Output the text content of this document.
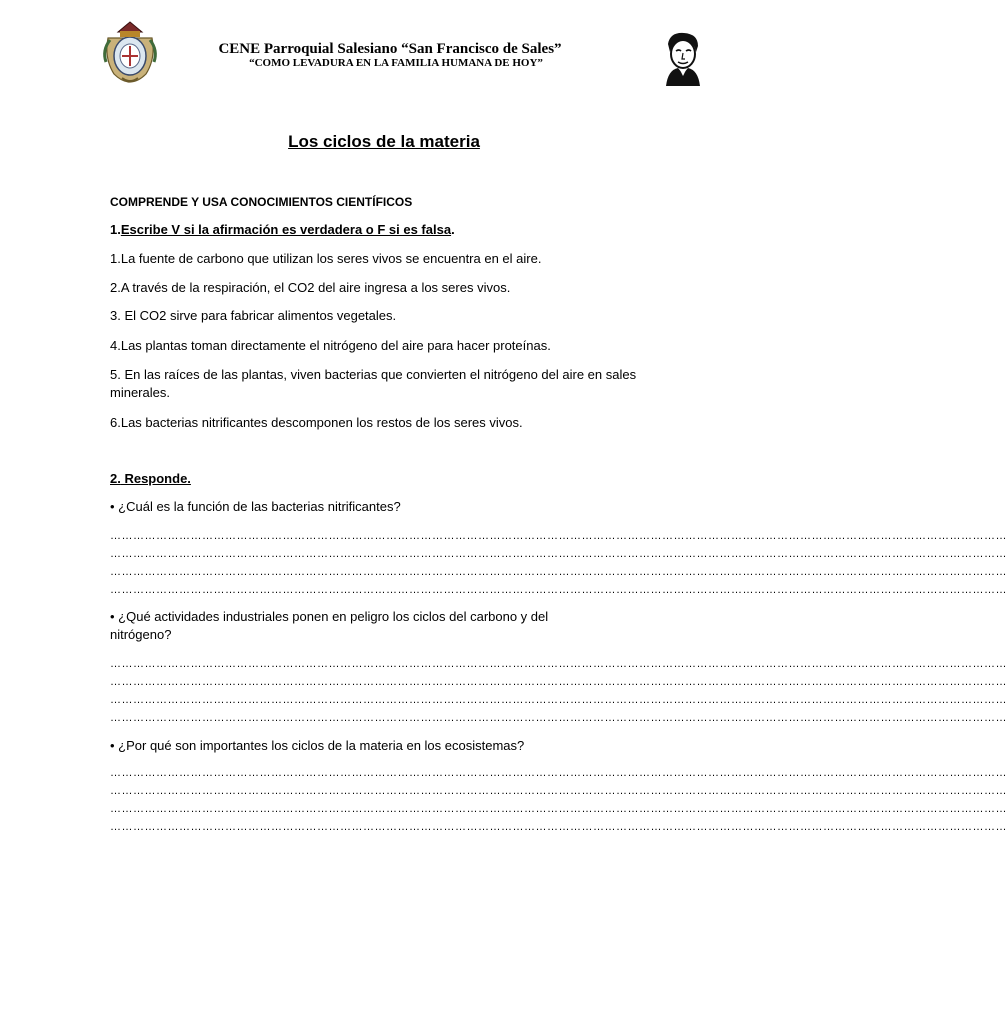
CENE Parroquial Salesiano “San Francisco de Sales”
“COMO LEVADURA EN LA FAMILIA HUMANA DE HOY”
Los ciclos de la materia
COMPRENDE Y USA CONOCIMIENTOS CIENTÍFICOS
1.Escribe V si la afirmación es verdadera o F si es falsa.
1.La fuente de carbono que utilizan los seres vivos se encuentra en el aire.
2.A través de la respiración, el CO2 del aire ingresa a los seres vivos.
3. El CO2 sirve para fabricar alimentos vegetales.
4.Las plantas toman directamente el nitrógeno del aire para hacer proteínas.
5. En las raíces de las plantas, viven bacterias que convierten el nitrógeno del aire en sales minerales.
6.Las bacterias nitrificantes descomponen los restos de los seres vivos.
2. Responde.
• ¿Cuál es la función de las bacterias nitrificantes?
………………………………………………………………………………………………………………………………………………………………………………………………………………
………………………………………………………………………………………………………………………………………………………………………………………………………………
………………………………………………………………………………………………………………………………………………………………………………………………………………
………………………………………………………………………………………………………………………………………………………………………………………………………………
• ¿Qué actividades industriales ponen en peligro los ciclos del carbono y del nitrógeno?
………………………………………………………………………………………………………………………………………………………………………………………………………………
………………………………………………………………………………………………………………………………………………………………………………………………………………
………………………………………………………………………………………………………………………………………………………………………………………………………………
………………………………………………………………………………………………………………………………………………………………………………………………………………
• ¿Por qué son importantes los ciclos de la materia en los ecosistemas?
………………………………………………………………………………………………………………………………………………………………………………………………………………
………………………………………………………………………………………………………………………………………………………………………………………………………………
………………………………………………………………………………………………………………………………………………………………………………………………………………
………………………………………………………………………………………………………………………………………………………………………………………………………………
